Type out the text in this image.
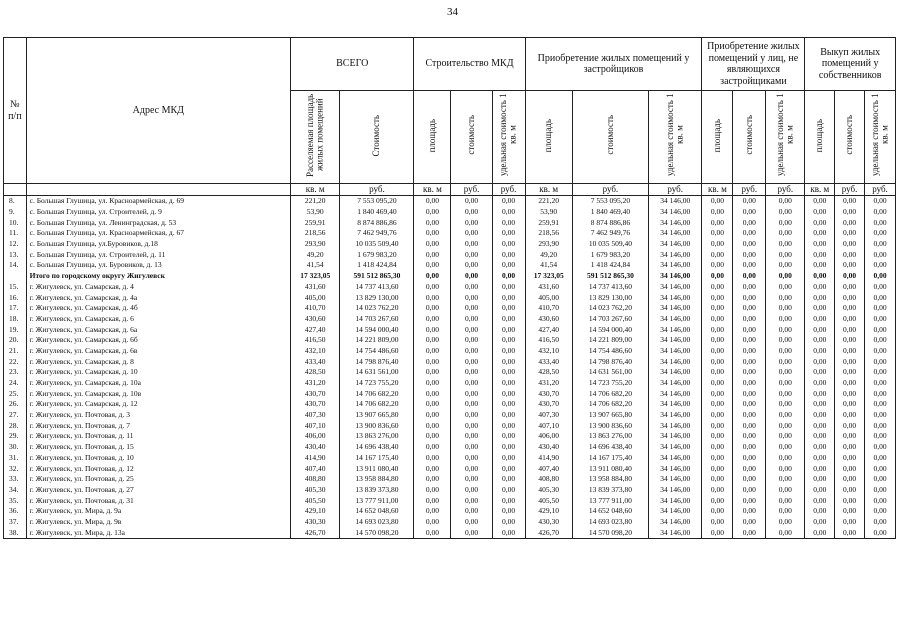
34
№ п/п	Адрес МКД	ВСЕГО		Строительство МКД			Приобретение жилых помещений у застройщиков			Приобретение жилых помещений у лиц, не являющихся застройщиками			Выкуп жилых помещений у собственников		
		Расселяемая площадь жилых помещений	Стоимость	площадь	стоимость	удельная стоимость 1 кв. м	площадь	стоимость	удельная стоимость 1 кв. м	площадь	стоимость	удельная стоимость 1 кв. м	площадь	стоимость	удельная стоимость 1 кв. м
		кв. м	руб.	кв. м	руб.	руб.	кв. м	руб.	руб.	кв. м	руб.	руб.	кв. м	руб.	руб.
8.	с. Большая Глушица, ул. Красноармейская, д. 69	221,20	7 553 095,20	0,00	0,00	0,00	221,20	7 553 095,20	34 146,00	0,00	0,00	0,00	0,00	0,00	0,00
9.	с. Большая Глушица, ул. Строителей, д. 9	53,90	1 840 469,40	0,00	0,00	0,00	53,90	1 840 469,40	34 146,00	0,00	0,00	0,00	0,00	0,00	0,00
10.	с. Большая Глушица, ул. Ленинградская, д. 53	259,91	8 874 886,86	0,00	0,00	0,00	259,91	8 874 886,86	34 146,00	0,00	0,00	0,00	0,00	0,00	0,00
11.	с. Большая Глушица, ул. Красноармейская, д. 67	218,56	7 462 949,76	0,00	0,00	0,00	218,56	7 462 949,76	34 146,00	0,00	0,00	0,00	0,00	0,00	0,00
12.	с. Большая Глушица, ул.Буровиков, д.18	293,90	10 035 509,40	0,00	0,00	0,00	293,90	10 035 509,40	34 146,00	0,00	0,00	0,00	0,00	0,00	0,00
13.	с. Большая Глушица, ул. Строителей, д. 11	49,20	1 679 983,20	0,00	0,00	0,00	49,20	1 679 983,20	34 146,00	0,00	0,00	0,00	0,00	0,00	0,00
14.	с. Большая Глушица, ул. Буровиков, д. 13	41,54	1 418 424,84	0,00	0,00	0,00	41,54	1 418 424,84	34 146,00	0,00	0,00	0,00	0,00	0,00	0,00
	Итого по городскому округу Жигулевск	17 323,05	591 512 865,30	0,00	0,00	0,00	17 323,05	591 512 865,30	34 146,00	0,00	0,00	0,00	0,00	0,00	0,00
15.	г. Жигулевск, ул. Самарская, д. 4	431,60	14 737 413,60	0,00	0,00	0,00	431,60	14 737 413,60	34 146,00	0,00	0,00	0,00	0,00	0,00	0,00
16.	г. Жигулевск, ул. Самарская, д. 4а	405,00	13 829 130,00	0,00	0,00	0,00	405,00	13 829 130,00	34 146,00	0,00	0,00	0,00	0,00	0,00	0,00
17.	г. Жигулевск, ул. Самарская, д. 4б	410,70	14 023 762,20	0,00	0,00	0,00	410,70	14 023 762,20	34 146,00	0,00	0,00	0,00	0,00	0,00	0,00
18.	г. Жигулевск, ул. Самарская, д. 6	430,60	14 703 267,60	0,00	0,00	0,00	430,60	14 703 267,60	34 146,00	0,00	0,00	0,00	0,00	0,00	0,00
19.	г. Жигулевск, ул. Самарская, д. 6а	427,40	14 594 000,40	0,00	0,00	0,00	427,40	14 594 000,40	34 146,00	0,00	0,00	0,00	0,00	0,00	0,00
20.	г. Жигулевск, ул. Самарская, д. 6б	416,50	14 221 809,00	0,00	0,00	0,00	416,50	14 221 809,00	34 146,00	0,00	0,00	0,00	0,00	0,00	0,00
21.	г. Жигулевск, ул. Самарская, д. 6в	432,10	14 754 486,60	0,00	0,00	0,00	432,10	14 754 486,60	34 146,00	0,00	0,00	0,00	0,00	0,00	0,00
22.	г. Жигулевск, ул. Самарская, д. 8	433,40	14 798 876,40	0,00	0,00	0,00	433,40	14 798 876,40	34 146,00	0,00	0,00	0,00	0,00	0,00	0,00
23.	г. Жигулевск, ул. Самарская, д. 10	428,50	14 631 561,00	0,00	0,00	0,00	428,50	14 631 561,00	34 146,00	0,00	0,00	0,00	0,00	0,00	0,00
24.	г. Жигулевск, ул. Самарская, д. 10а	431,20	14 723 755,20	0,00	0,00	0,00	431,20	14 723 755,20	34 146,00	0,00	0,00	0,00	0,00	0,00	0,00
25.	г. Жигулевск, ул. Самарская, д. 10в	430,70	14 706 682,20	0,00	0,00	0,00	430,70	14 706 682,20	34 146,00	0,00	0,00	0,00	0,00	0,00	0,00
26.	г. Жигулевск, ул. Самарская, д. 12	430,70	14 706 682,20	0,00	0,00	0,00	430,70	14 706 682,20	34 146,00	0,00	0,00	0,00	0,00	0,00	0,00
27.	г. Жигулевск, ул. Почтовая, д. 3	407,30	13 907 665,80	0,00	0,00	0,00	407,30	13 907 665,80	34 146,00	0,00	0,00	0,00	0,00	0,00	0,00
28.	г. Жигулевск, ул. Почтовая, д. 7	407,10	13 900 836,60	0,00	0,00	0,00	407,10	13 900 836,60	34 146,00	0,00	0,00	0,00	0,00	0,00	0,00
29.	г. Жигулевск, ул. Почтовая, д. 11	406,00	13 863 276,00	0,00	0,00	0,00	406,00	13 863 276,00	34 146,00	0,00	0,00	0,00	0,00	0,00	0,00
30.	г. Жигулевск, ул. Почтовая, д. 15	430,40	14 696 438,40	0,00	0,00	0,00	430,40	14 696 438,40	34 146,00	0,00	0,00	0,00	0,00	0,00	0,00
31.	г. Жигулевск, ул. Почтовая, д. 10	414,90	14 167 175,40	0,00	0,00	0,00	414,90	14 167 175,40	34 146,00	0,00	0,00	0,00	0,00	0,00	0,00
32.	г. Жигулевск, ул. Почтовая, д. 12	407,40	13 911 080,40	0,00	0,00	0,00	407,40	13 911 080,40	34 146,00	0,00	0,00	0,00	0,00	0,00	0,00
33.	г. Жигулевск, ул. Почтовая, д. 25	408,80	13 958 884,80	0,00	0,00	0,00	408,80	13 958 884,80	34 146,00	0,00	0,00	0,00	0,00	0,00	0,00
34.	г. Жигулевск, ул. Почтовая, д. 27	405,30	13 839 373,80	0,00	0,00	0,00	405,30	13 839 373,80	34 146,00	0,00	0,00	0,00	0,00	0,00	0,00
35.	г. Жигулевск, ул. Почтовая, д. 31	405,50	13 777 911,00	0,00	0,00	0,00	405,50	13 777 911,00	34 146,00	0,00	0,00	0,00	0,00	0,00	0,00
36.	г. Жигулевск, ул. Мира, д. 9а	429,10	14 652 048,60	0,00	0,00	0,00	429,10	14 652 048,60	34 146,00	0,00	0,00	0,00	0,00	0,00	0,00
37.	г. Жигулевск, ул. Мира, д. 9в	430,30	14 693 023,80	0,00	0,00	0,00	430,30	14 693 023,80	34 146,00	0,00	0,00	0,00	0,00	0,00	0,00
38.	г. Жигулевск, ул. Мира, д. 13а	426,70	14 570 098,20	0,00	0,00	0,00	426,70	14 570 098,20	34 146,00	0,00	0,00	0,00	0,00	0,00	0,00
